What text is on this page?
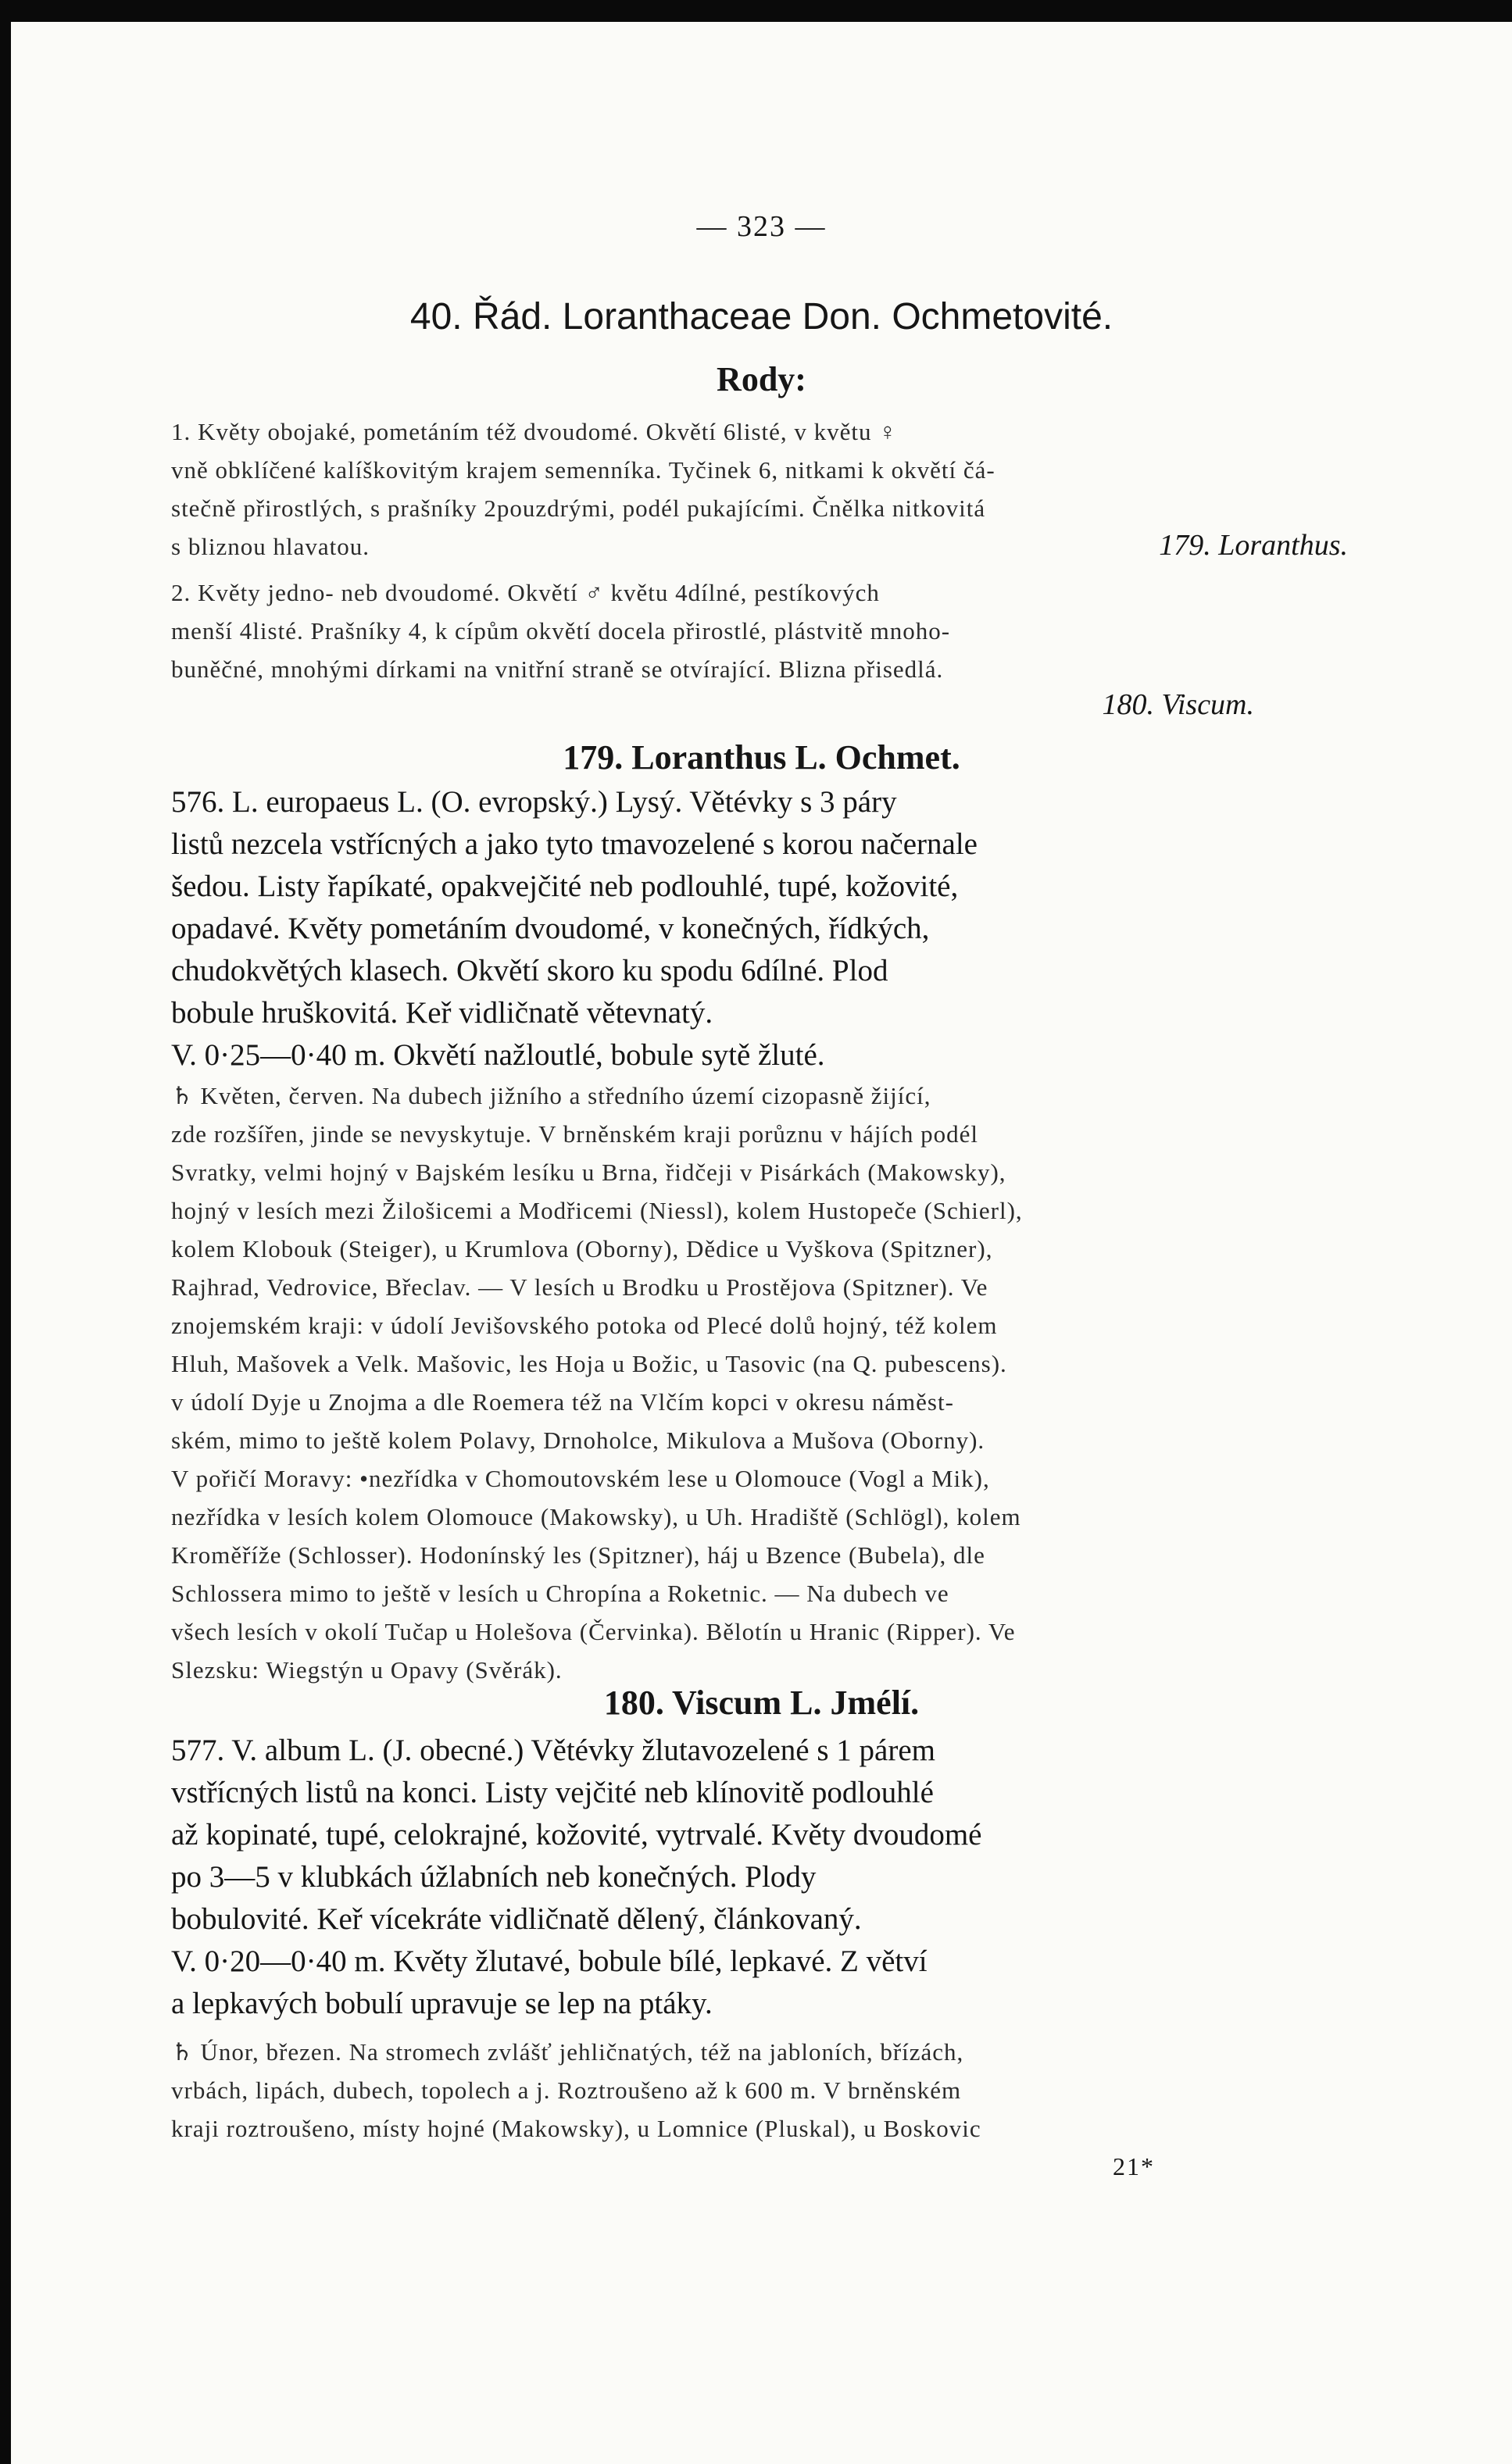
— 323 —
40. Řád. Loranthaceae Don. Ochmetovité.
Rody:

1. Květy obojaké, pometáním též dvoudomé. Okvětí 6listé, v květu ♀

vně obklíčené kalíškovitým krajem semenníka. Tyčinek 6, nitkami k okvětí čá-

stečně přirostlých, s prašníky 2pouzdrými, podél pukajícími. Čnělka nitkovitá

s bliznou hlavatou.	179. Loranthus.

2. Květy jedno- neb dvoudomé. Okvětí ♂ květu 4dílné, pestíkových

menší 4listé. Prašníky 4, k cípům okvětí docela přirostlé, plástvitě mnoho-

buněčné, mnohými dírkami na vnitřní straně se otvírající. Blizna přisedlá.

180. Viscum.

179. Loranthus L. Ochmet.

576. L. europaeus L. (O. evropský.) Lysý. Větévky s 3 páry

listů nezcela vstřícných a jako tyto tmavozelené s korou načernale

šedou. Listy řapíkaté, opakvejčité neb podlouhlé, tupé, kožovité,

opadavé. Květy pometáním dvoudomé, v konečných, řídkých,

chudokvětých klasech. Okvětí skoro ku spodu 6dílné. Plod

bobule hruškovitá. Keř vidličnatě větevnatý.

V. 0·25—0·40 m. Okvětí nažloutlé, bobule sytě žluté.

♄ Květen, červen. Na dubech jižního a středního území cizopasně žijící,

zde rozšířen, jinde se nevyskytuje. V brněnském kraji porůznu v hájích podél

Svratky, velmi hojný v Bajském lesíku u Brna, řidčeji v Pisárkách (Makowsky),

hojný v lesích mezi Žilošicemi a Modřicemi (Niessl), kolem Hustopeče (Schierl),

kolem Klobouk (Steiger), u Krumlova (Oborny), Dědice u Vyškova (Spitzner),

Rajhrad, Vedrovice, Břeclav. — V lesích u Brodku u Prostějova (Spitzner). Ve

znojemském kraji: v údolí Jevišovského potoka od Plecé dolů hojný, též kolem

Hluh, Mašovek a Velk. Mašovic, les Hoja u Božic, u Tasovic (na Q. pubescens).

v údolí Dyje u Znojma a dle Roemera též na Vlčím kopci v okresu náměst-

ském, mimo to ještě kolem Polavy, Drnoholce, Mikulova a Mušova (Oborny).

V pořičí Moravy: •nezřídka v Chomoutovském lese u Olomouce (Vogl a Mik),

nezřídka v lesích kolem Olomouce (Makowsky), u Uh. Hradiště (Schlögl), kolem

Kroměříže (Schlosser). Hodonínský les (Spitzner), háj u Bzence (Bubela), dle

Schlossera mimo to ještě v lesích u Chropína a Roketnic. — Na dubech ve

všech lesích v okolí Tučap u Holešova (Červinka). Bělotín u Hranic (Ripper). Ve

Slezsku: Wiegstýn u Opavy (Svěrák).

180. Viscum L. Jmélí.

577. V. album L. (J. obecné.) Větévky žlutavozelené s 1 párem

vstřícných listů na konci. Listy vejčité neb klínovitě podlouhlé

až kopinaté, tupé, celokrajné, kožovité, vytrvalé. Květy dvoudomé

po 3—5 v klubkách úžlabních neb konečných. Plody

bobulovité. Keř vícekráte vidličnatě dělený, článkovaný.

V. 0·20—0·40 m. Květy žlutavé, bobule bílé, lepkavé. Z větví

a lepkavých bobulí upravuje se lep na ptáky.

♄ Únor, březen. Na stromech zvlášť jehličnatých, též na jabloních, břízách,

vrbách, lipách, dubech, topolech a j. Roztroušeno až k 600 m. V brněnském

kraji roztroušeno, místy hojné (Makowsky), u Lomnice (Pluskal), u Boskovic

21*
